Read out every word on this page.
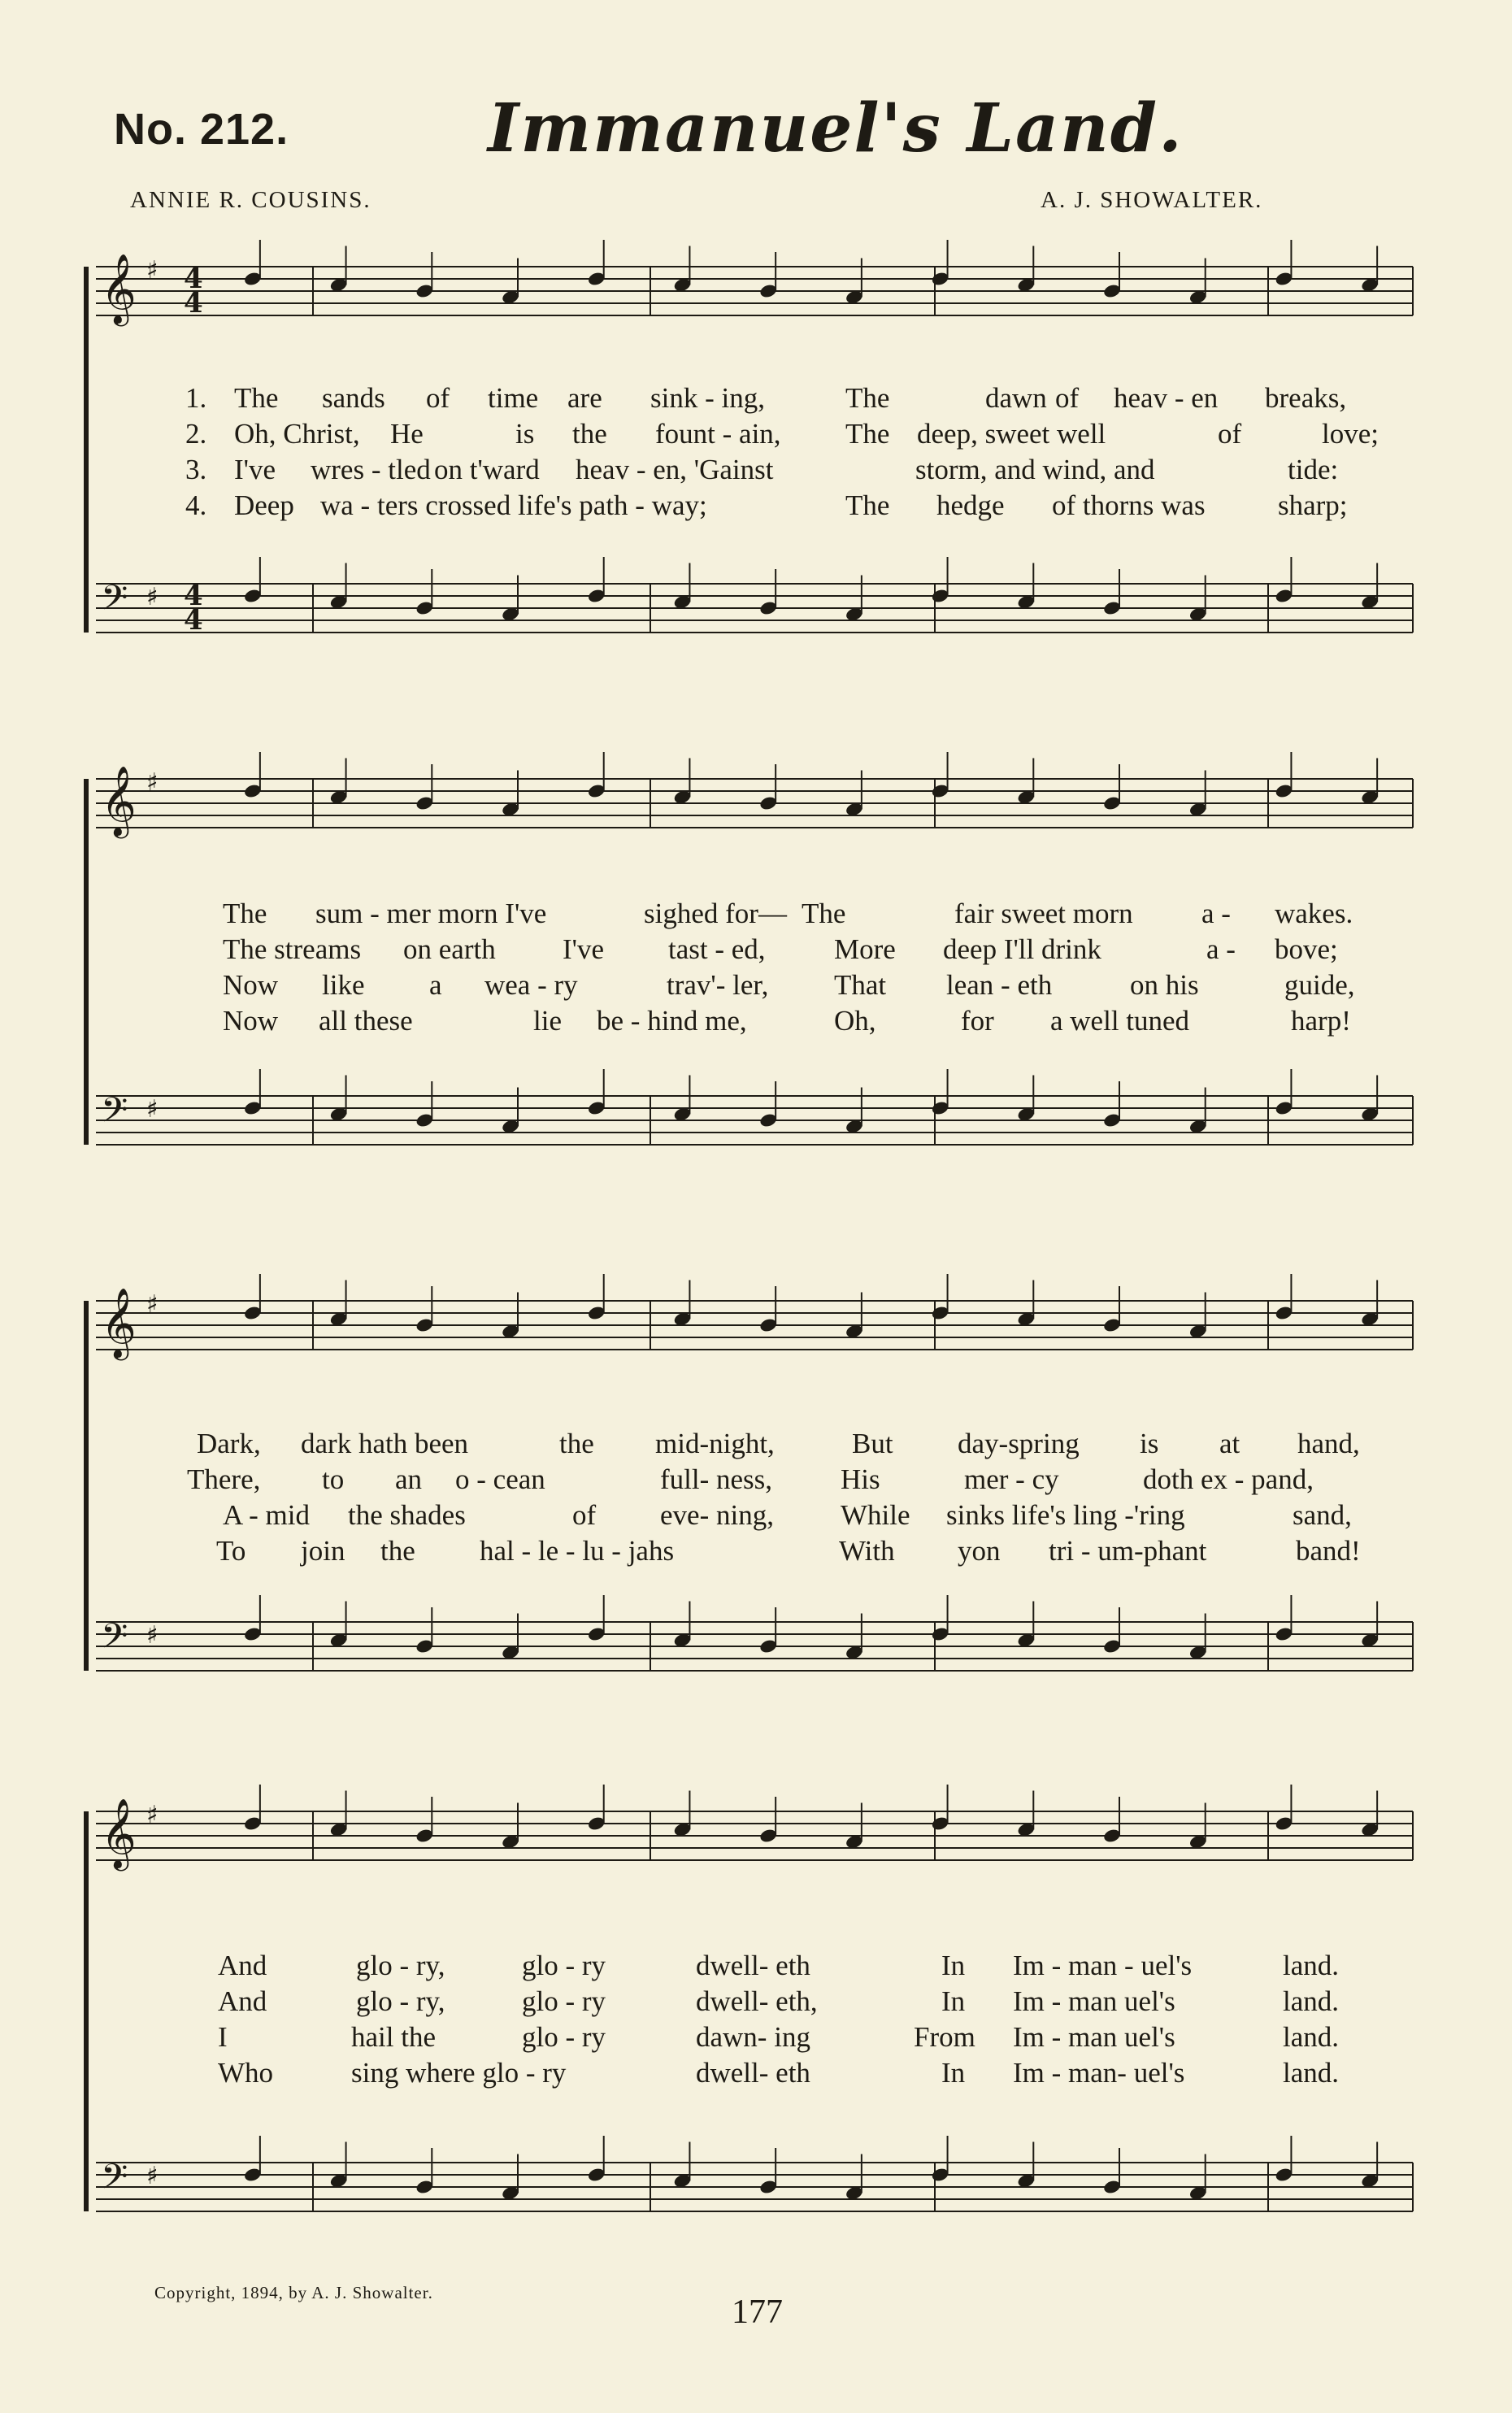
No. 212.	Immanuel's Land.
ANNIE R. COUSINS.	A. J. SHOWALTER.
𝄞 ♯
𝄢 ♯
4
4
4
4
𝄞 ♯
𝄢 ♯
𝄞 ♯
𝄢 ♯
𝄞 ♯
𝄢 ♯
1.
2.
3.
4.
The sands of time are sink - ing,	The	dawn of heav - en breaks,
Oh, Christ, He	is the fount - ain, The deep, sweet well	of	love;
I've wres - tled on t'ward heav - en, 'Gainst	storm, and wind, and	tide:
Deep wa - ters crossed life's path - way;	The hedge of thorns was	sharp;
The sum - mer morn I've	sighed for— The	fair sweet morn a - wakes.
The streams on earth I've tast - ed, More deep I'll drink	a - bove;
Now like a wea - ry	trav'- ler, That lean - eth	on his	guide,
Now all these	lie be - hind me,	Oh,	for a well tuned	harp!
Dark, dark hath been	the mid-night,	But day-spring is at hand,
There, to an o - cean	full- ness, His	mer - cy	doth ex - pand,
A - mid the shades	of eve- ning, While sinks life's ling -'ring	sand,
To join the hal - le - lu - jahs	With yon tri - um-phant	band!
And	glo - ry,	glo - ry	dwell- eth	In Im - man - uel's	land.
And	glo - ry,	glo - ry	dwell- eth,	In Im - man uel's	land.
I	hail the	glo - ry	dawn- ing	From Im - man uel's	land.
Who	sing where glo - ry	dwell- eth	In Im - man- uel's	land.
Copyright, 1894, by A. J. Showalter.
177
